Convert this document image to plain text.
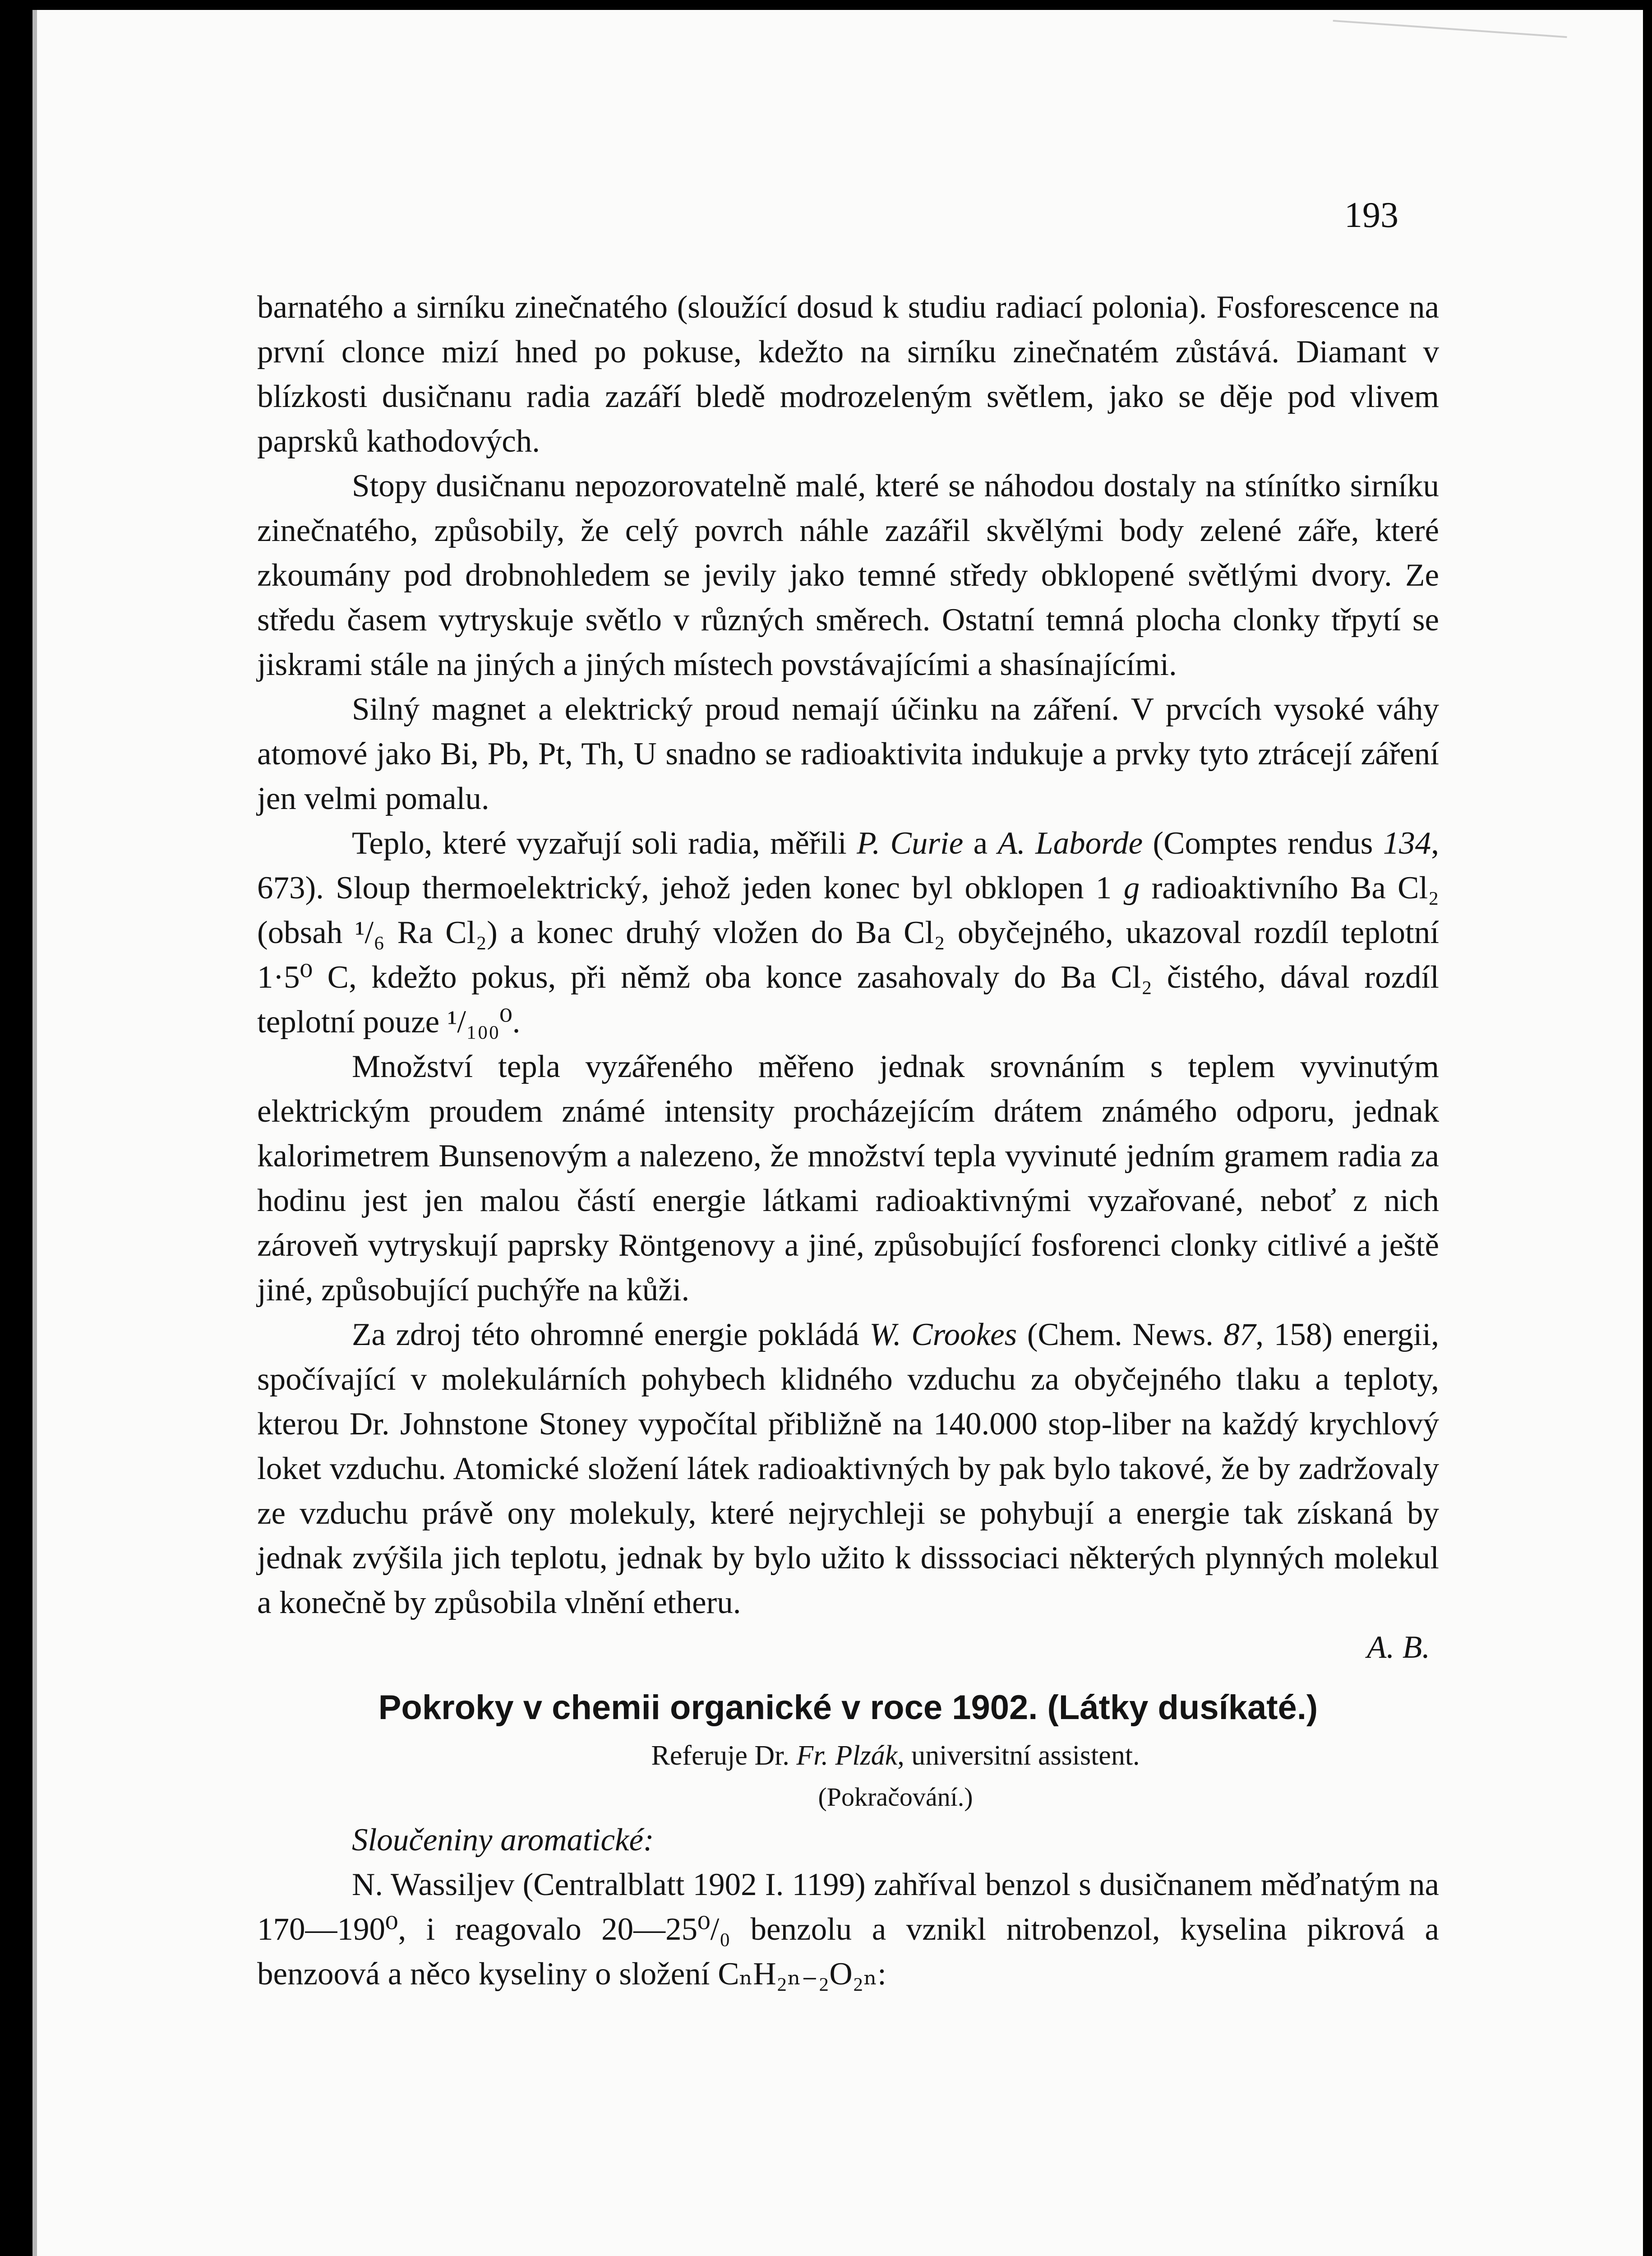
193

barnatého a sirníku zinečnatého (sloužící dosud k studiu radiací polonia). Fosforescence na první clonce mizí hned po pokuse, kdežto na sirníku zinečnatém zůstává. Diamant v blízkosti dusičnanu radia zazáří bledě modrozeleným světlem, jako se děje pod vlivem paprsků kathodových.

Stopy dusičnanu nepozorovatelně malé, které se náhodou dostaly na stínítko sirníku zinečnatého, způsobily, že celý povrch náhle zazářil skvělými body zelené záře, které zkoumány pod drobnohledem se jevily jako temné středy obklopené světlými dvory. Ze středu časem vytryskuje světlo v různých směrech. Ostatní temná plocha clonky třpytí se jiskrami stále na jiných a jiných místech povstávajícími a shasínajícími.

Silný magnet a elektrický proud nemají účinku na záření. V prvcích vysoké váhy atomové jako Bi, Pb, Pt, Th, U snadno se radioaktivita indukuje a prvky tyto ztrácejí záření jen velmi pomalu.

Teplo, které vyzařují soli radia, měřili P. Curie a A. Laborde (Comptes rendus 134, 673). Sloup thermoelektrický, jehož jeden konec byl obklopen 1 g radioaktivního Ba Cl₂ (obsah ¹/₆ Ra Cl₂) a konec druhý vložen do Ba Cl₂ obyčejného, ukazoval rozdíl teplotní 1·5⁰ C, kdežto pokus, při němž oba konce zasahovaly do Ba Cl₂ čistého, dával rozdíl teplotní pouze ¹/₁₀₀⁰.

Množství tepla vyzářeného měřeno jednak srovnáním s teplem vyvinutým elektrickým proudem známé intensity procházejícím drátem známého odporu, jednak kalorimetrem Bunsenovým a nalezeno, že množství tepla vyvinuté jedním gramem radia za hodinu jest jen malou částí energie látkami radioaktivnými vyzařované, neboť z nich zároveň vytryskují paprsky Röntgenovy a jiné, způsobující fosforenci clonky citlivé a ještě jiné, způsobující puchýře na kůži.

Za zdroj této ohromné energie pokládá W. Crookes (Chem. News. 87, 158) energii, spočívající v molekulárních pohybech klidného vzduchu za obyčejného tlaku a teploty, kterou Dr. Johnstone Stoney vypočítal přibližně na 140.000 stop-liber na každý krychlový loket vzduchu. Atomické složení látek radioaktivných by pak bylo takové, že by zadržovaly ze vzduchu právě ony molekuly, které nejrychleji se pohybují a energie tak získaná by jednak zvýšila jich teplotu, jednak by bylo užito k disssociaci některých plynných molekul a konečně by způsobila vlnění etheru.

A. B.

Pokroky v chemii organické v roce 1902. (Látky dusíkaté.)

Referuje Dr. Fr. Plzák, universitní assistent.

(Pokračování.)

Sloučeniny aromatické:

N. Wassiljev (Centralblatt 1902 I. 1199) zahříval benzol s dusičnanem měďnatým na 170—190⁰, i reagovalo 20—25⁰/₀ benzolu a vznikl nitrobenzol, kyselina pikrová a benzoová a něco kyseliny o složení CₙH₂ₙ₋₂O₂ₙ:
